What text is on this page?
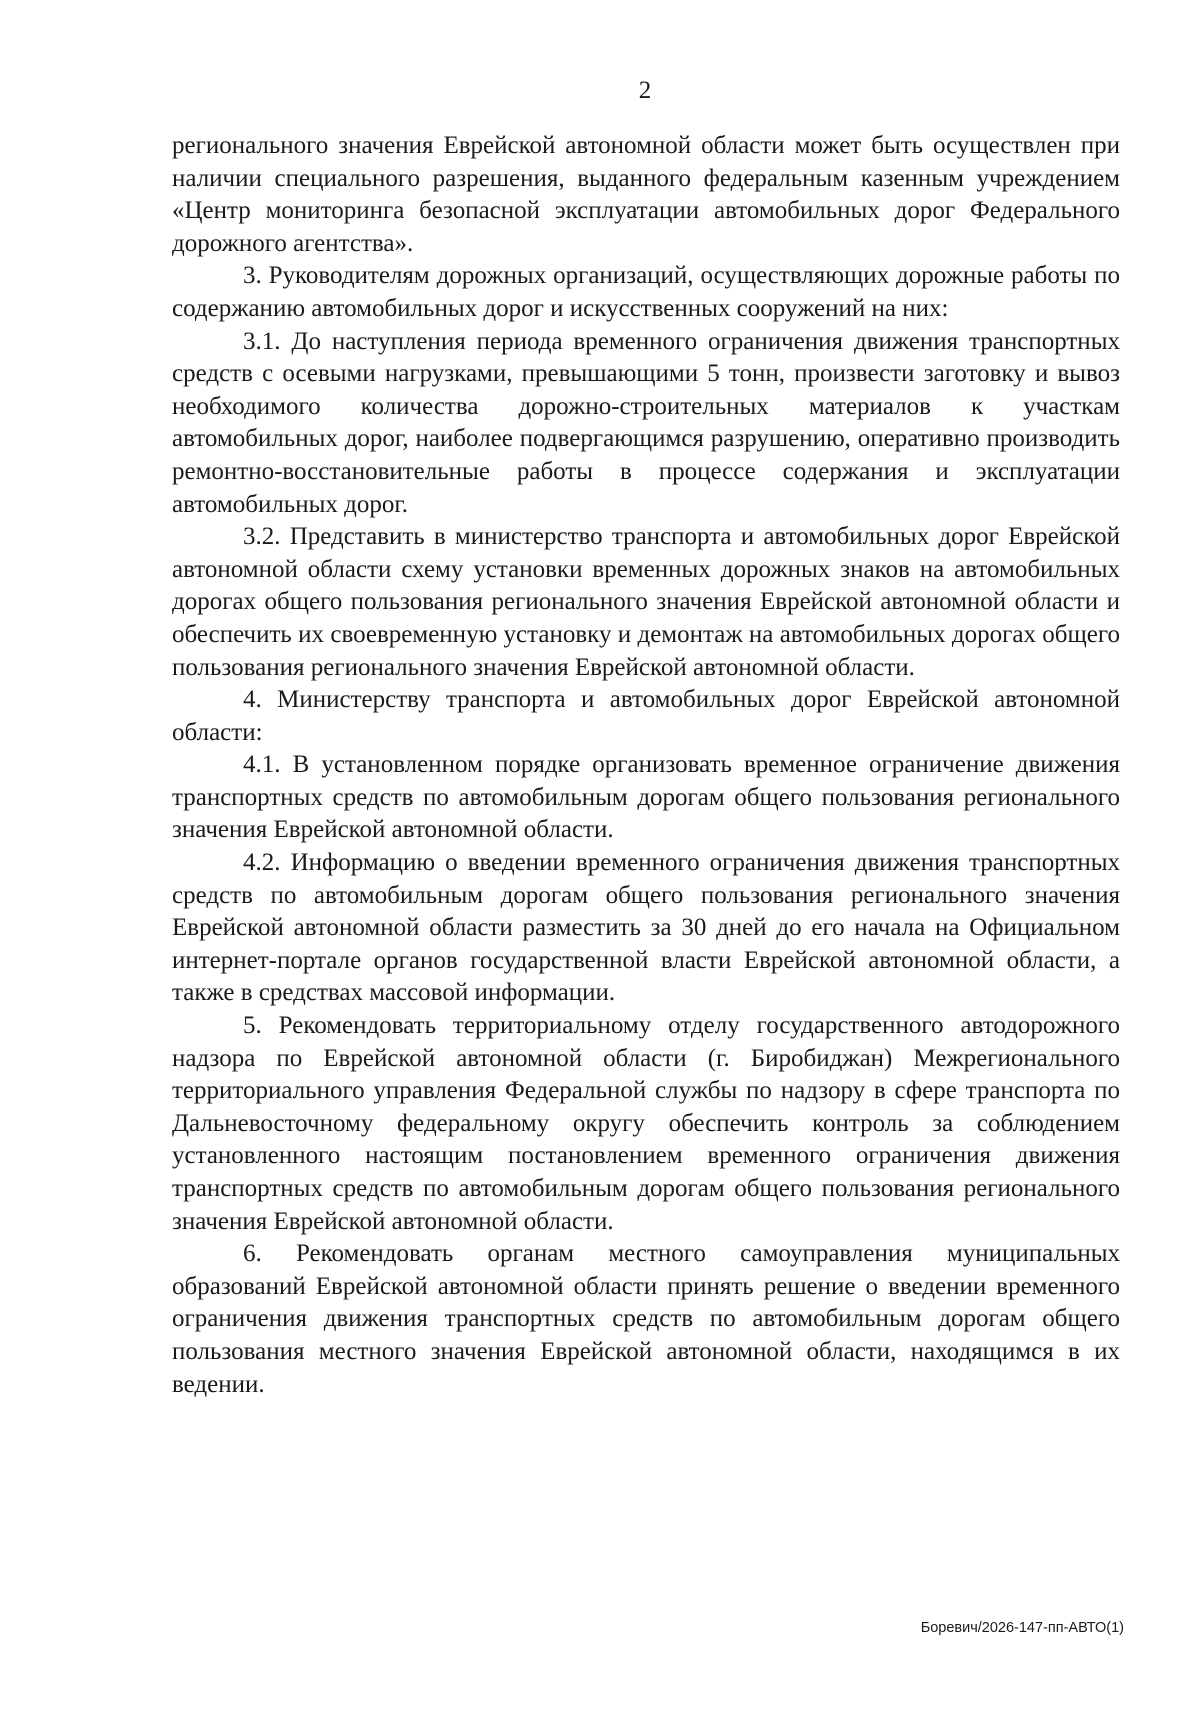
2

регионального значения Еврейской автономной области может быть осуществлен при наличии специального разрешения, выданного федеральным казенным учреждением «Центр мониторинга безопасной эксплуатации автомобильных дорог Федерального дорожного агентства».

3. Руководителям дорожных организаций, осуществляющих дорожные работы по содержанию автомобильных дорог и искусственных сооружений на них:

3.1. До наступления периода временного ограничения движения транспортных средств с осевыми нагрузками, превышающими 5 тонн, произвести заготовку и вывоз необходимого количества дорожно-строительных материалов к участкам автомобильных дорог, наиболее подвергающимся разрушению, оперативно производить ремонтно-восстановительные работы в процессе содержания и эксплуатации автомобильных дорог.

3.2. Представить в министерство транспорта и автомобильных дорог Еврейской автономной области схему установки временных дорожных знаков на автомобильных дорогах общего пользования регионального значения Еврейской автономной области и обеспечить их своевременную установку и демонтаж на автомобильных дорогах общего пользования регионального значения Еврейской автономной области.

4. Министерству транспорта и автомобильных дорог Еврейской автономной области:

4.1. В установленном порядке организовать временное ограничение движения транспортных средств по автомобильным дорогам общего пользования регионального значения Еврейской автономной области.

4.2. Информацию о введении временного ограничения движения транспортных средств по автомобильным дорогам общего пользования регионального значения Еврейской автономной области разместить за 30 дней до его начала на Официальном интернет-портале органов государственной власти Еврейской автономной области, а также в средствах массовой информации.

5. Рекомендовать территориальному отделу государственного автодорожного надзора по Еврейской автономной области (г. Биробиджан) Межрегионального территориального управления Федеральной службы по надзору в сфере транспорта по Дальневосточному федеральному округу обеспечить контроль за соблюдением установленного настоящим постановлением временного ограничения движения транспортных средств по автомобильным дорогам общего пользования регионального значения Еврейской автономной области.

6. Рекомендовать органам местного самоуправления муниципальных образований Еврейской автономной области принять решение о введении временного ограничения движения транспортных средств по автомобильным дорогам общего пользования местного значения Еврейской автономной области, находящимся в их ведении.

Боревич/2026-147-пп-АВТО(1)
